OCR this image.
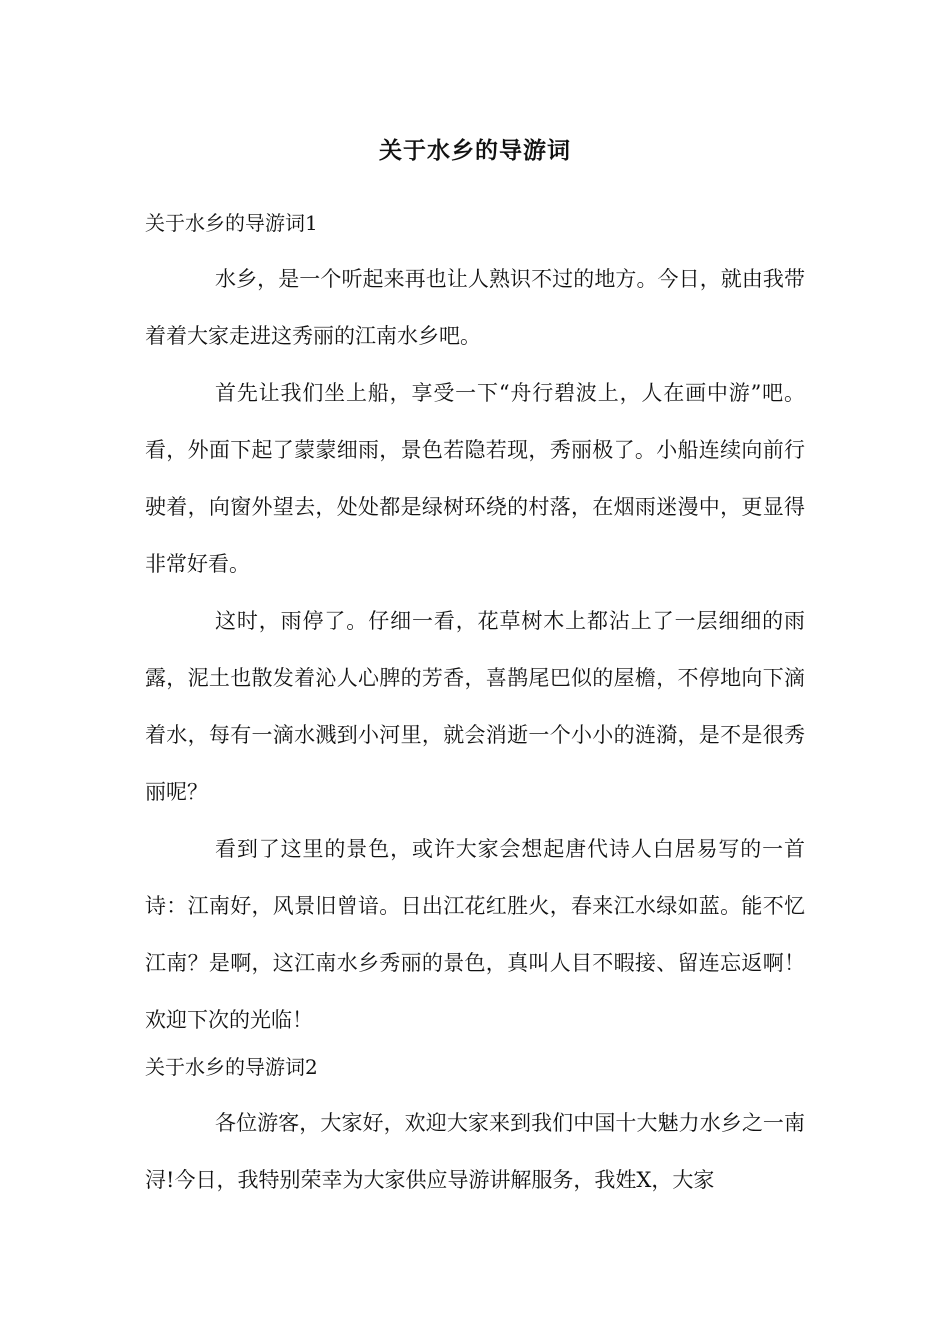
关于水乡的导游词
关于水乡的导游词1

水乡，是一个听起来再也让人熟识不过的地方。今日，就由我带着着大家走进这秀丽的江南水乡吧。

首先让我们坐上船，享受一下“舟行碧波上，人在画中游”吧。看，外面下起了蒙蒙细雨，景色若隐若现，秀丽极了。小船连续向前行驶着，向窗外望去，处处都是绿树环绕的村落，在烟雨迷漫中，更显得非常好看。

这时，雨停了。仔细一看，花草树木上都沾上了一层细细的雨露，泥土也散发着沁人心脾的芳香，喜鹊尾巴似的屋檐，不停地向下滴着水，每有一滴水溅到小河里，就会消逝一个小小的涟漪，是不是很秀丽呢？

看到了这里的景色，或许大家会想起唐代诗人白居易写的一首诗：江南好，风景旧曾谙。日出江花红胜火，春来江水绿如蓝。能不忆江南？是啊，这江南水乡秀丽的景色，真叫人目不暇接、留连忘返啊！欢迎下次的光临！

关于水乡的导游词2

各位游客，大家好，欢迎大家来到我们中国十大魅力水乡之一南浔!今日，我特别荣幸为大家供应导游讲解服务，我姓X，大家
